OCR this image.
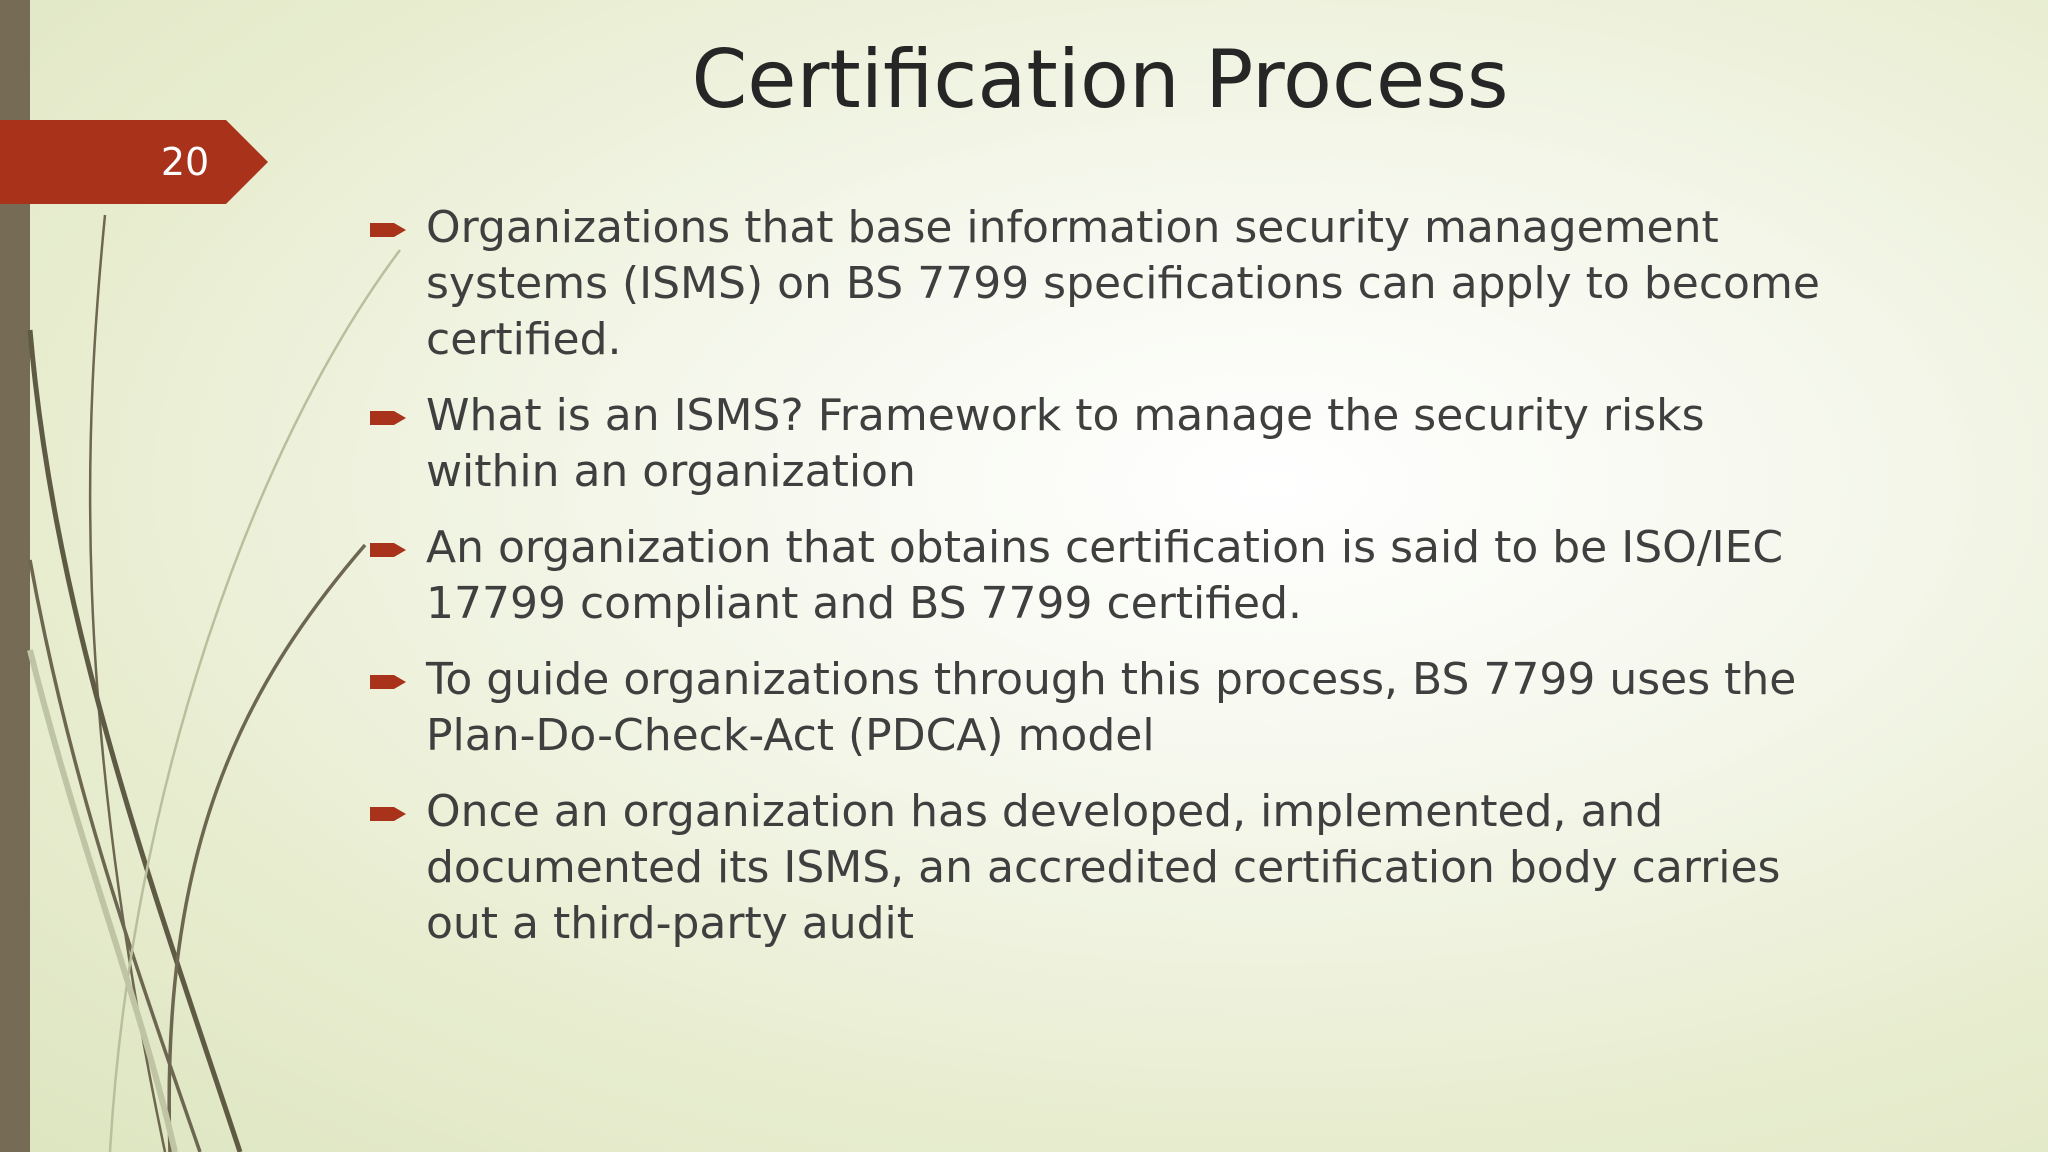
20
Certification Process
Organizations that base information security management systems (ISMS) on BS 7799 specifications can apply to become certified.
What is an ISMS? Framework to manage the security risks within an organization
An organization that obtains certification is said to be ISO/IEC 17799 compliant and BS 7799 certified.
To guide organizations through this process, BS 7799 uses the Plan-Do-Check-Act (PDCA) model
Once an organization has developed, implemented, and documented its ISMS, an accredited certification body carries out a third-party audit
